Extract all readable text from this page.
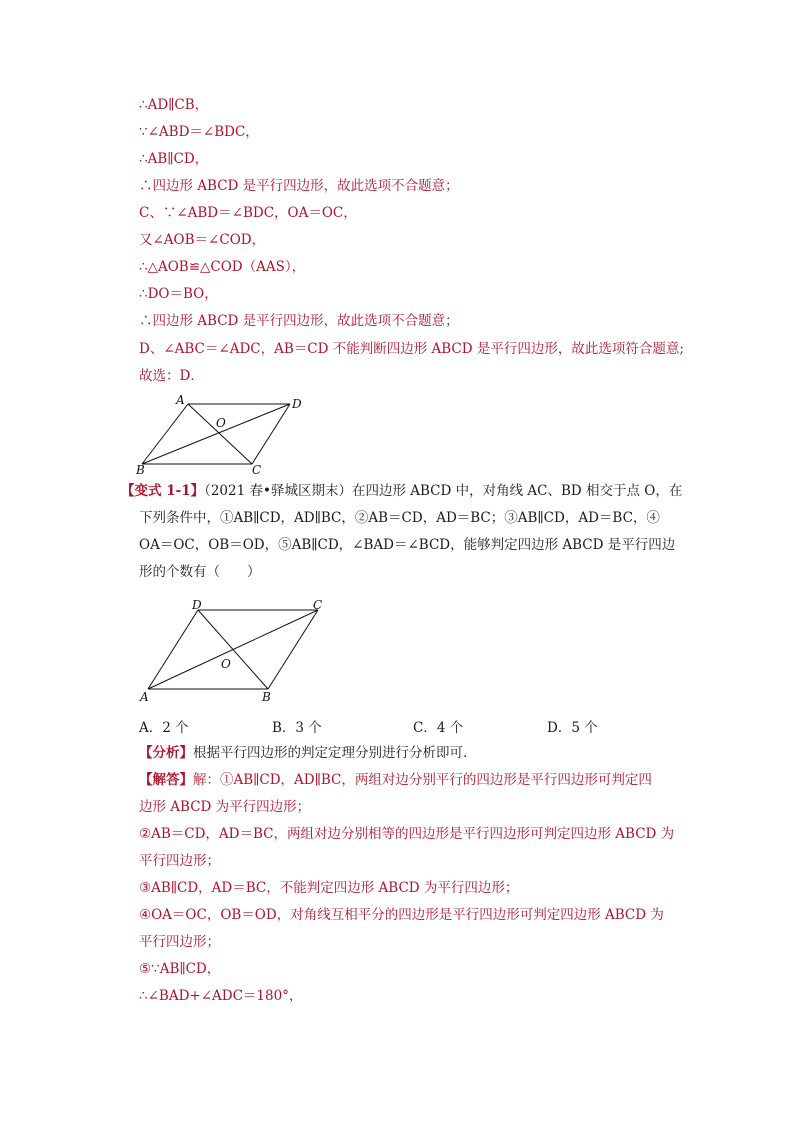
∴AD∥CB，
∵∠ABD＝∠BDC，
∴AB∥CD，
∴四边形 ABCD 是平行四边形，故此选项不合题意；
C、∵∠ABD＝∠BDC，OA＝OC，
又∠AOB＝∠COD，
∴△AOB≌△COD（AAS），
∴DO＝BO，
∴四边形 ABCD 是平行四边形，故此选项不合题意；
D、∠ABC＝∠ADC，AB＝CD 不能判断四边形 ABCD 是平行四边形，故此选项符合题意;
故选：D．
A	D
O
B	C
【变式 1-1】（2021 春•驿城区期末）在四边形 ABCD 中，对角线 AC、BD 相交于点 O，在
下列条件中，①AB∥CD，AD∥BC，②AB＝CD，AD＝BC；③AB∥CD，AD＝BC，④
OA＝OC，OB＝OD，⑤AB∥CD，∠BAD＝∠BCD，能够判定四边形 ABCD 是平行四边
形的个数有（　　）
D	C
O
A	B
A．2 个	B．3 个	C．4 个	D．5 个
【分析】根据平行四边形的判定定理分别进行分析即可．
【解答】解：①AB∥CD，AD∥BC，两组对边分别平行的四边形是平行四边形可判定四
边形 ABCD 为平行四边形；
②AB＝CD，AD＝BC，两组对边分别相等的四边形是平行四边形可判定四边形 ABCD 为
平行四边形；
③AB∥CD，AD＝BC，不能判定四边形 ABCD 为平行四边形；
④OA＝OC，OB＝OD，对角线互相平分的四边形是平行四边形可判定四边形 ABCD 为
平行四边形；
⑤∵AB∥CD，
∴∠BAD+∠ADC＝180°，
